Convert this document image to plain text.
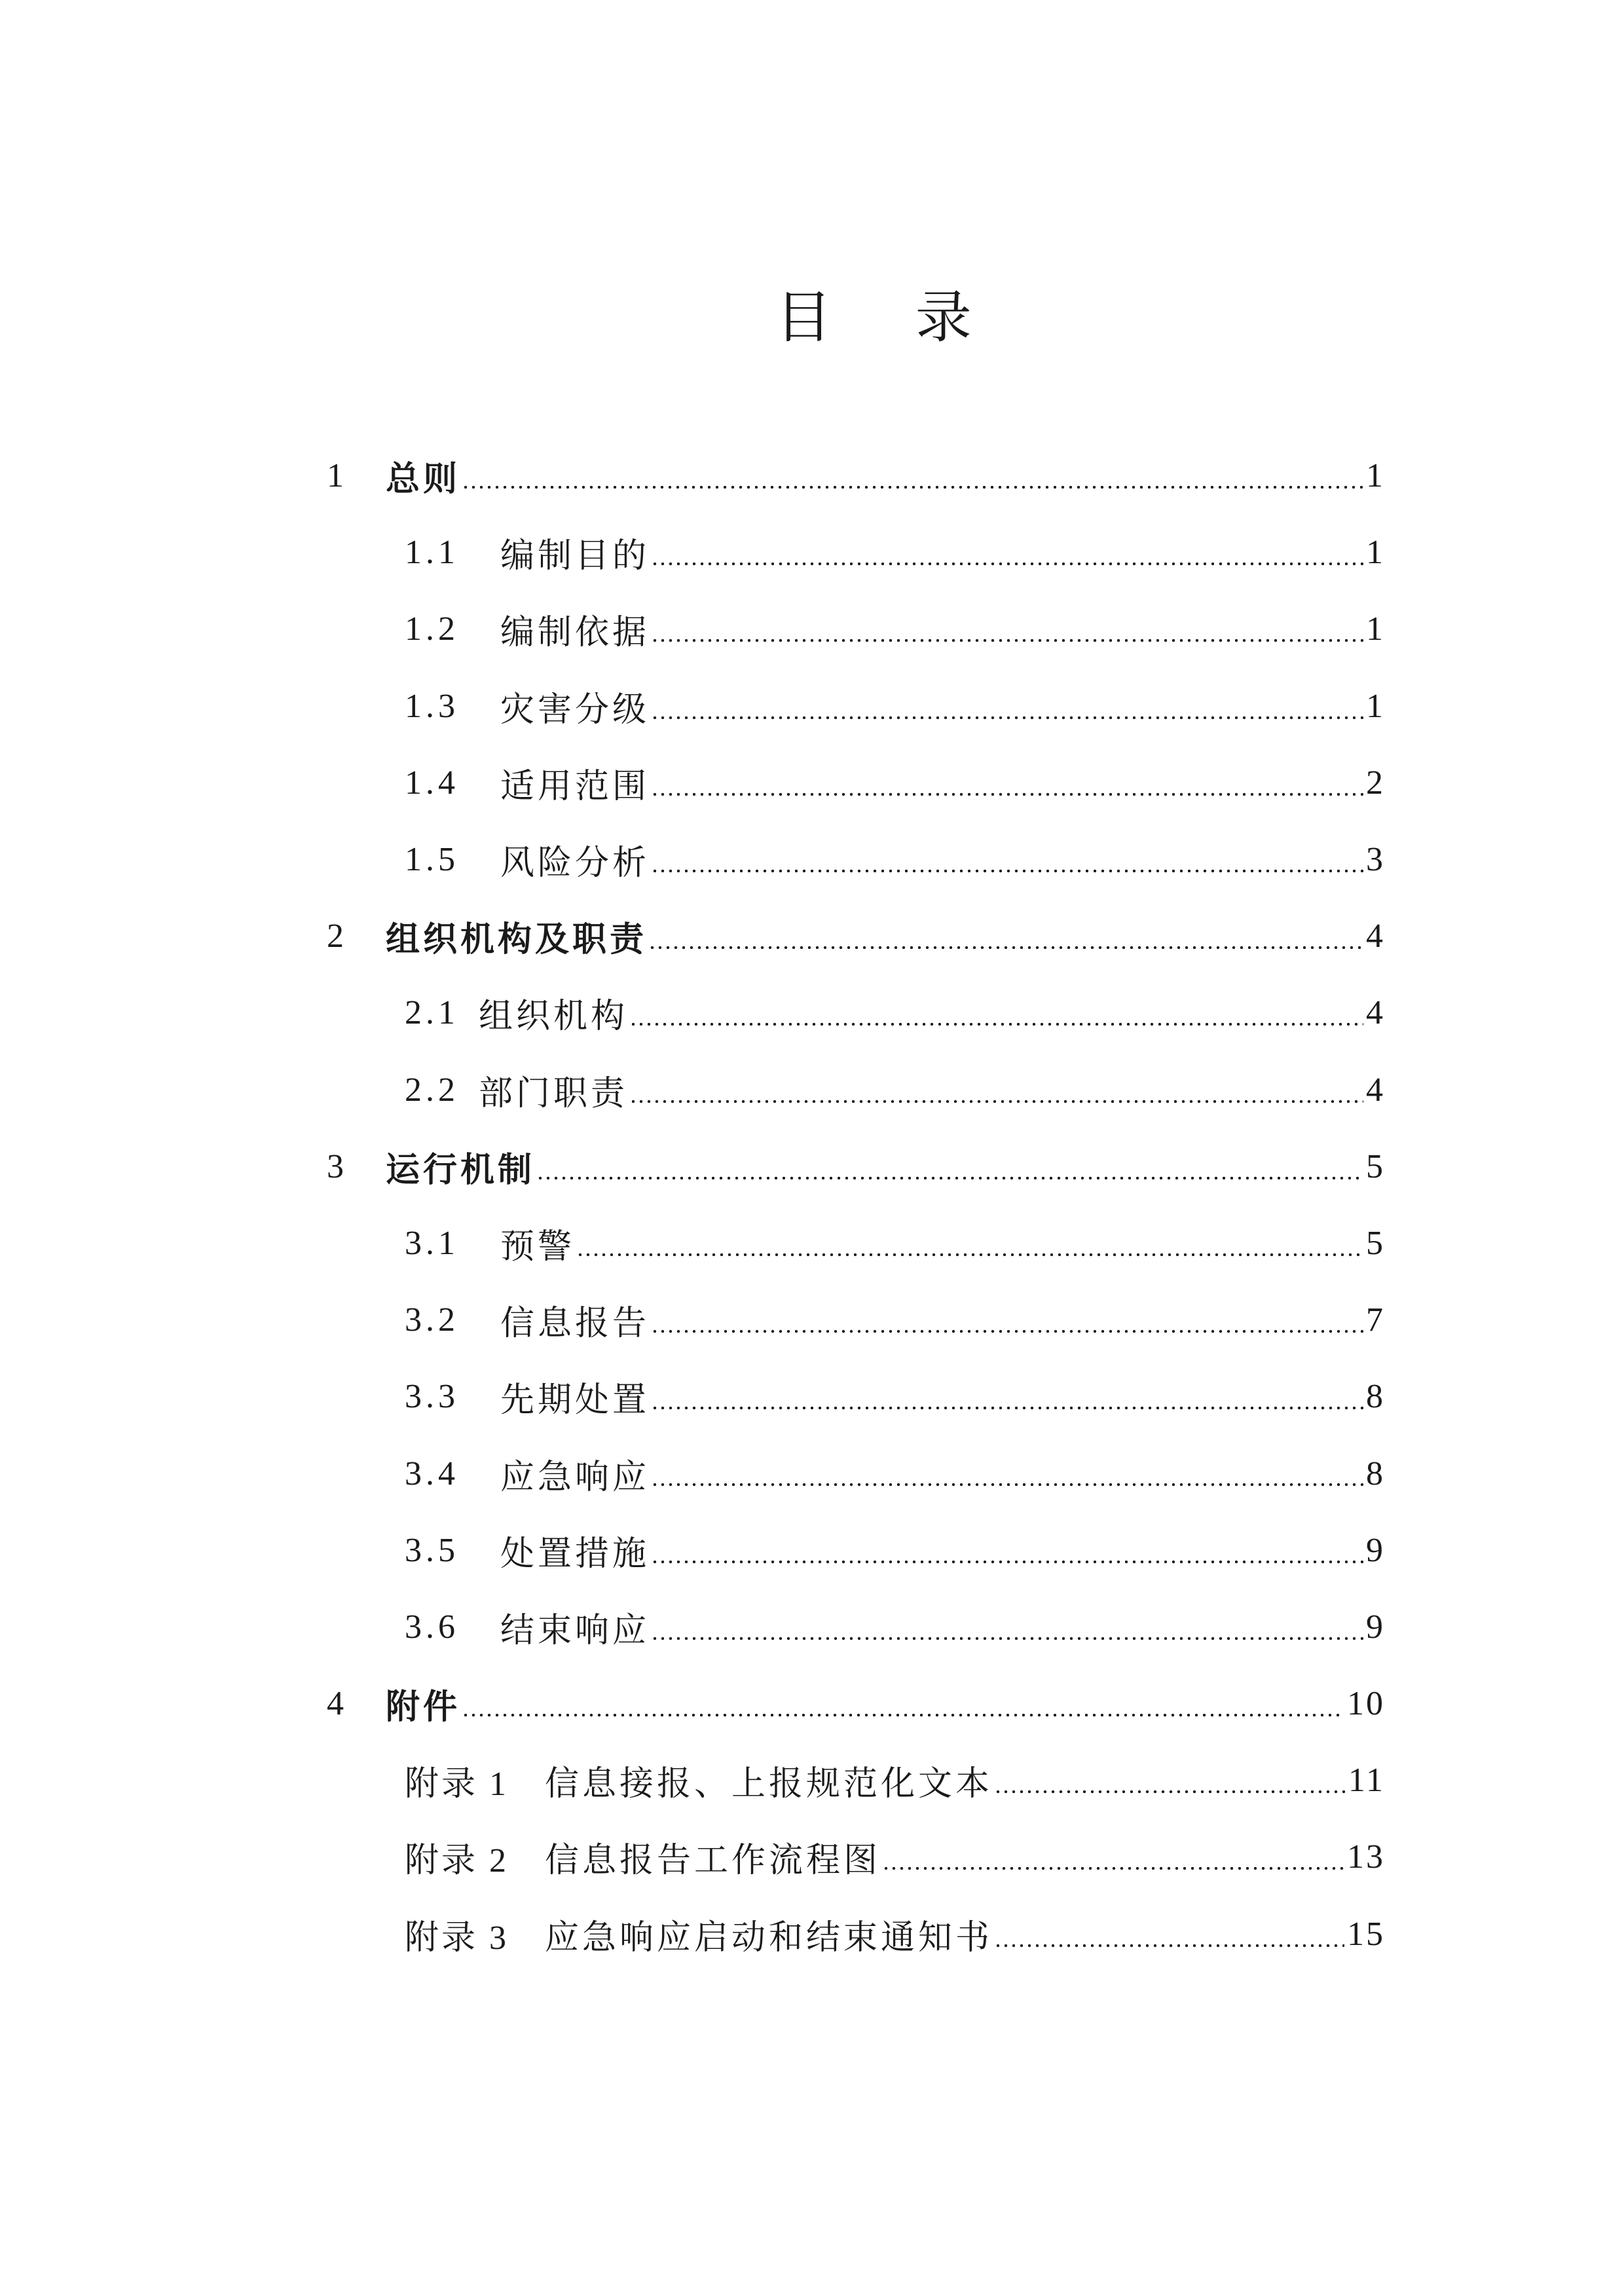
目 录
1	总则	1
1.1	编制目的	1
1.2	编制依据	1
1.3	灾害分级	1
1.4	适用范围	2
1.5	风险分析	3
2	组织机构及职责	4
2.1 组织机构	4
2.2 部门职责	4
3	运行机制	5
3.1	预警	5
3.2	信息报告	7
3.3	先期处置	8
3.4	应急响应	8
3.5	处置措施	9
3.6	结束响应	9
4	附件	10
附录 1	信息接报、上报规范化文本	11
附录 2	信息报告工作流程图	13
附录 3	应急响应启动和结束通知书	15
